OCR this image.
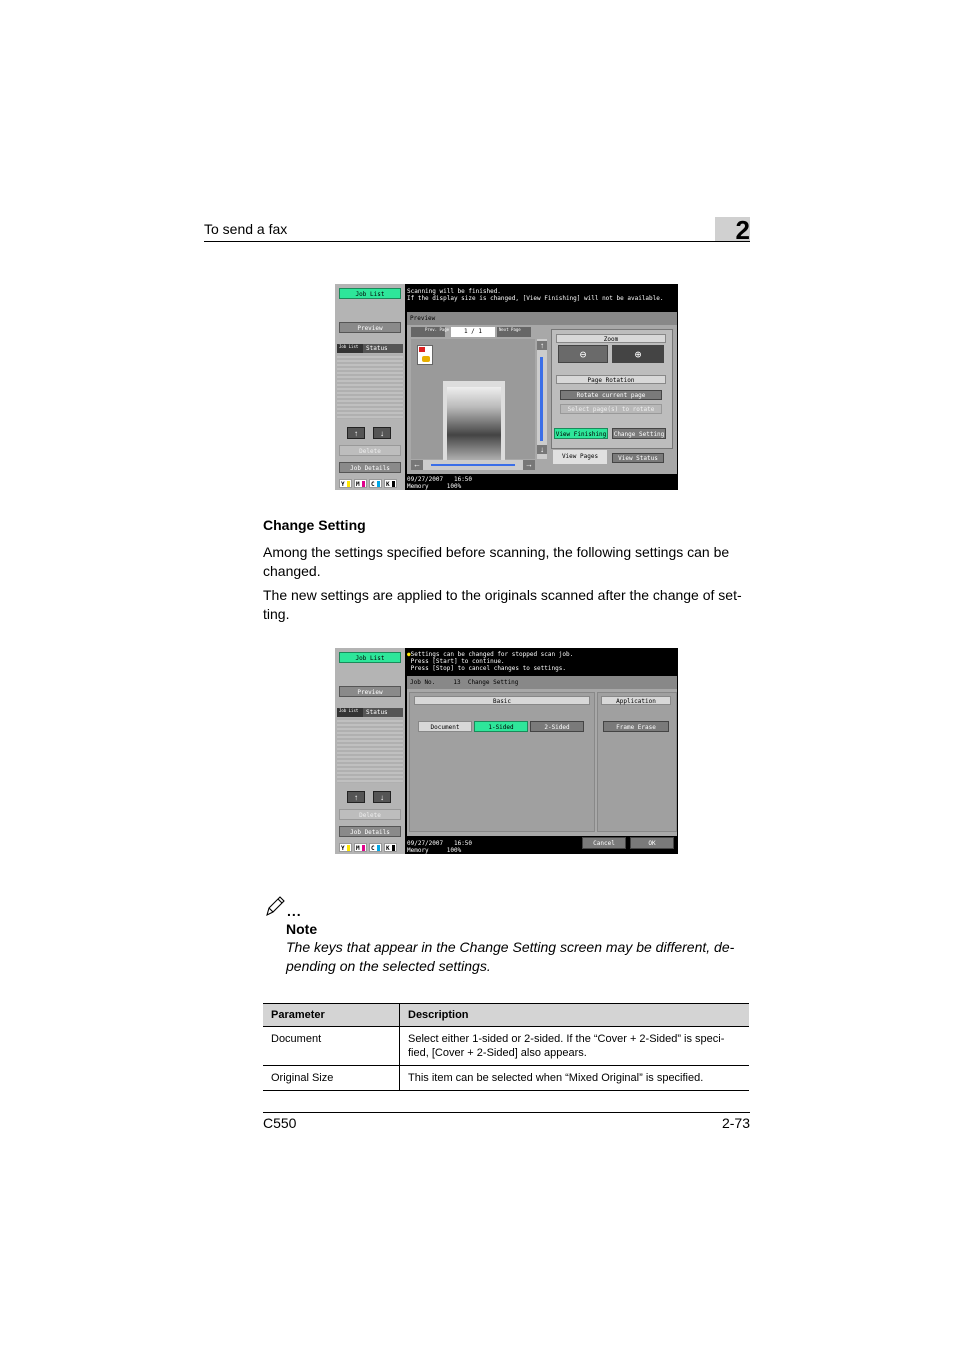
To send a fax	2
Job List
Preview
Job List	Status
↑	↓
Delete
Job Details
Y	M	C	K
Scanning will be finished.
If the display size is changed, [View Finishing] will not be available.
Preview
Prev. Page	1 / 1	Next Page
↑
↓
←	→
Zoom
⊖	⊕
Page Rotation
Rotate current page
Select page(s) to rotate
View Finishing Change Setting
View Pages	View Status
09/27/2007 16:50
Memory	100%
Change Setting
Among the settings specified before scanning, the following settings can be changed.
The new settings are applied to the originals scanned after the change of set-ting.
Job List
Preview
Job List	Status
↑	↓
Delete
Job Details
Y	M	C	K
●Settings can be changed for stopped scan job.
Press [Start] to continue.
Press [Stop] to cancel changes to settings.
Job No.	13 Change Setting
Basic
Document	1-Sided	2-Sided
Application
Frame Erase
Cancel	OK
09/27/2007 16:50
Memory	100%
...
Note
The keys that appear in the Change Setting screen may be different, de-pending on the selected settings.
Parameter	Description
Document	Select either 1-sided or 2-sided. If the “Cover + 2-Sided” is speci-fied, [Cover + 2-Sided] also appears.
Original Size	This item can be selected when “Mixed Original” is specified.
C550	2-73
